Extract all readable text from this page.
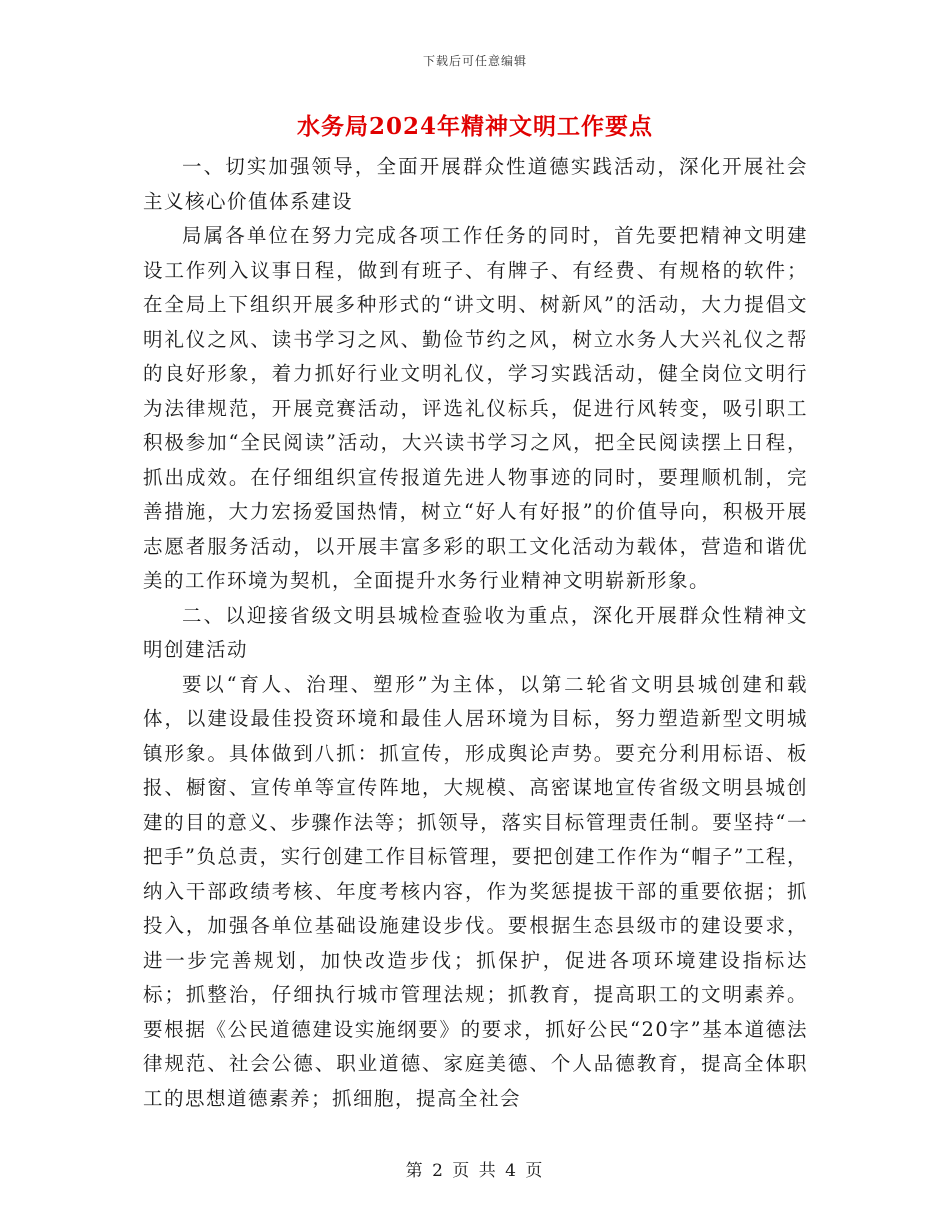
下载后可任意编辑
水务局2024年精神文明工作要点

一、切实加强领导，全面开展群众性道德实践活动，深化开展社会主义核心价值体系建设

局属各单位在努力完成各项工作任务的同时，首先要把精神文明建设工作列入议事日程，做到有班子、有牌子、有经费、有规格的软件；在全局上下组织开展多种形式的“讲文明、树新风”的活动，大力提倡文明礼仪之风、读书学习之风、勤俭节约之风，树立水务人大兴礼仪之帮的良好形象，着力抓好行业文明礼仪，学习实践活动，健全岗位文明行为法律规范，开展竞赛活动，评选礼仪标兵，促进行风转变，吸引职工积极参加“全民阅读”活动，大兴读书学习之风，把全民阅读摆上日程，抓出成效。在仔细组织宣传报道先进人物事迹的同时，要理顺机制，完善措施，大力宏扬爱国热情，树立“好人有好报”的价值导向，积极开展志愿者服务活动，以开展丰富多彩的职工文化活动为载体，营造和谐优美的工作环境为契机，全面提升水务行业精神文明崭新形象。

二、以迎接省级文明县城检查验收为重点，深化开展群众性精神文明创建活动

要以“育人、治理、塑形”为主体，以第二轮省文明县城创建和载体，以建设最佳投资环境和最佳人居环境为目标，努力塑造新型文明城镇形象。具体做到八抓：抓宣传，形成舆论声势。要充分利用标语、板报、橱窗、宣传单等宣传阵地，大规模、高密谋地宣传省级文明县城创建的目的意义、步骤作法等；抓领导，落实目标管理责任制。要坚持“一把手”负总责，实行创建工作目标管理，要把创建工作作为“帽子”工程，纳入干部政绩考核、年度考核内容，作为奖惩提拔干部的重要依据；抓投入，加强各单位基础设施建设步伐。要根据生态县级市的建设要求，进一步完善规划，加快改造步伐；抓保护，促进各项环境建设指标达标；抓整治，仔细执行城市管理法规；抓教育，提高职工的文明素养。要根据《公民道德建设实施纲要》的要求，抓好公民“20字”基本道德法律规范、社会公德、职业道德、家庭美德、个人品德教育，提高全体职工的思想道德素养；抓细胞，提高全社会

第 2 页 共 4 页
